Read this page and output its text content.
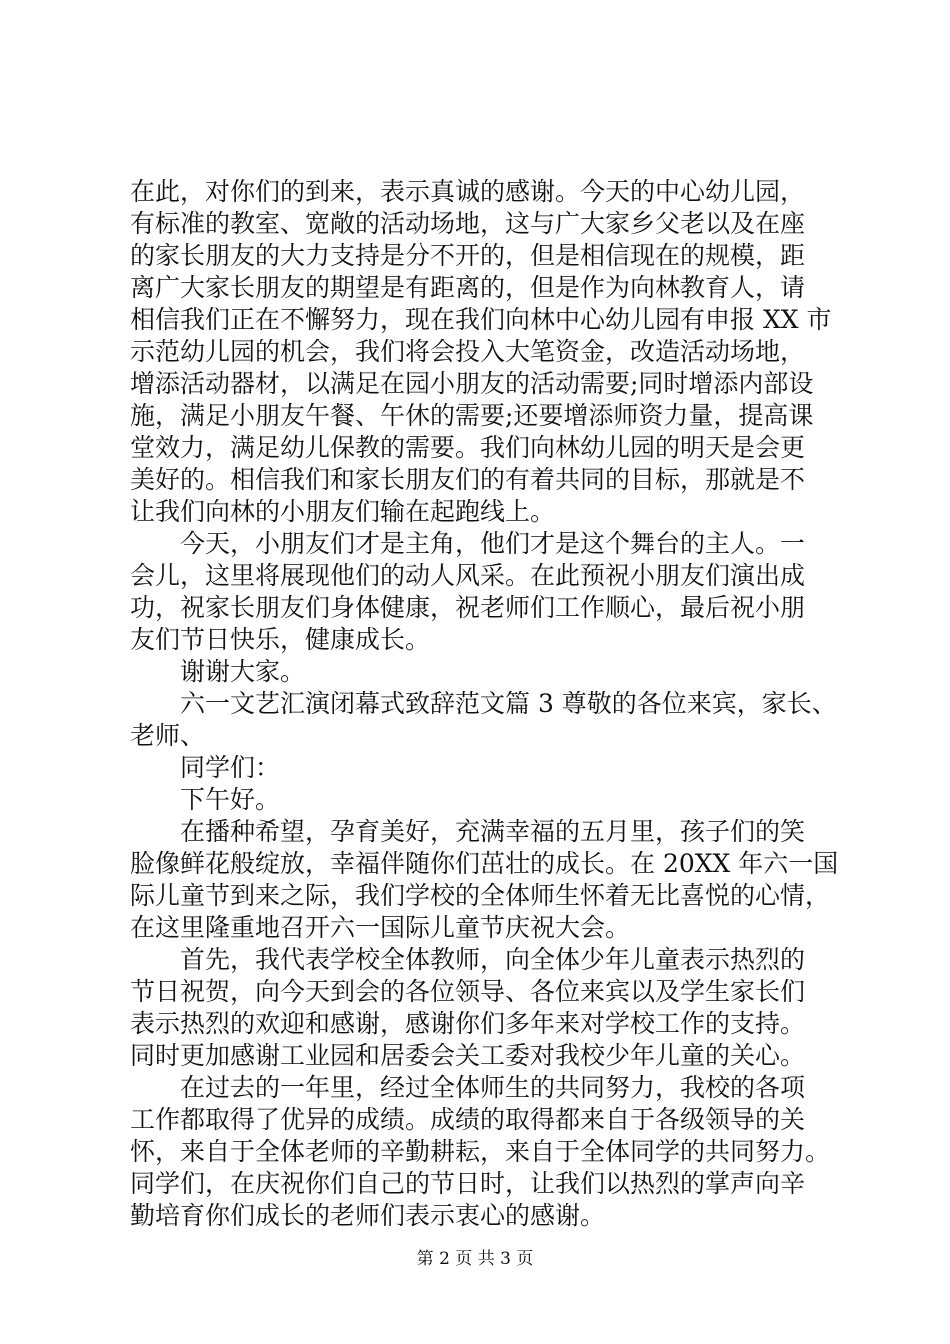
在此，对你们的到来，表示真诚的感谢。今天的中心幼儿园，
有标准的教室、宽敞的活动场地，这与广大家乡父老以及在座
的家长朋友的大力支持是分不开的，但是相信现在的规模，距
离广大家长朋友的期望是有距离的，但是作为向林教育人，请
相信我们正在不懈努力，现在我们向林中心幼儿园有申报 XX 市
示范幼儿园的机会，我们将会投入大笔资金，改造活动场地，
增添活动器材，以满足在园小朋友的活动需要;同时增添内部设
施，满足小朋友午餐、午休的需要;还要增添师资力量，提高课
堂效力，满足幼儿保教的需要。我们向林幼儿园的明天是会更
美好的。相信我们和家长朋友们的有着共同的目标，那就是不
让我们向林的小朋友们输在起跑线上。
今天，小朋友们才是主角，他们才是这个舞台的主人。一
会儿，这里将展现他们的动人风采。在此预祝小朋友们演出成
功，祝家长朋友们身体健康，祝老师们工作顺心，最后祝小朋
友们节日快乐，健康成长。
谢谢大家。
六一文艺汇演闭幕式致辞范文篇 3 尊敬的各位来宾，家长、
老师、
同学们：
下午好。
在播种希望，孕育美好，充满幸福的五月里，孩子们的笑
脸像鲜花般绽放，幸福伴随你们茁壮的成长。在 20XX 年六一国
际儿童节到来之际，我们学校的全体师生怀着无比喜悦的心情，
在这里隆重地召开六一国际儿童节庆祝大会。
首先，我代表学校全体教师，向全体少年儿童表示热烈的
节日祝贺，向今天到会的各位领导、各位来宾以及学生家长们
表示热烈的欢迎和感谢，感谢你们多年来对学校工作的支持。
同时更加感谢工业园和居委会关工委对我校少年儿童的关心。
在过去的一年里，经过全体师生的共同努力，我校的各项
工作都取得了优异的成绩。成绩的取得都来自于各级领导的关
怀，来自于全体老师的辛勤耕耘，来自于全体同学的共同努力。
同学们，在庆祝你们自己的节日时，让我们以热烈的掌声向辛
勤培育你们成长的老师们表示衷心的感谢。
第 2 页 共 3 页
